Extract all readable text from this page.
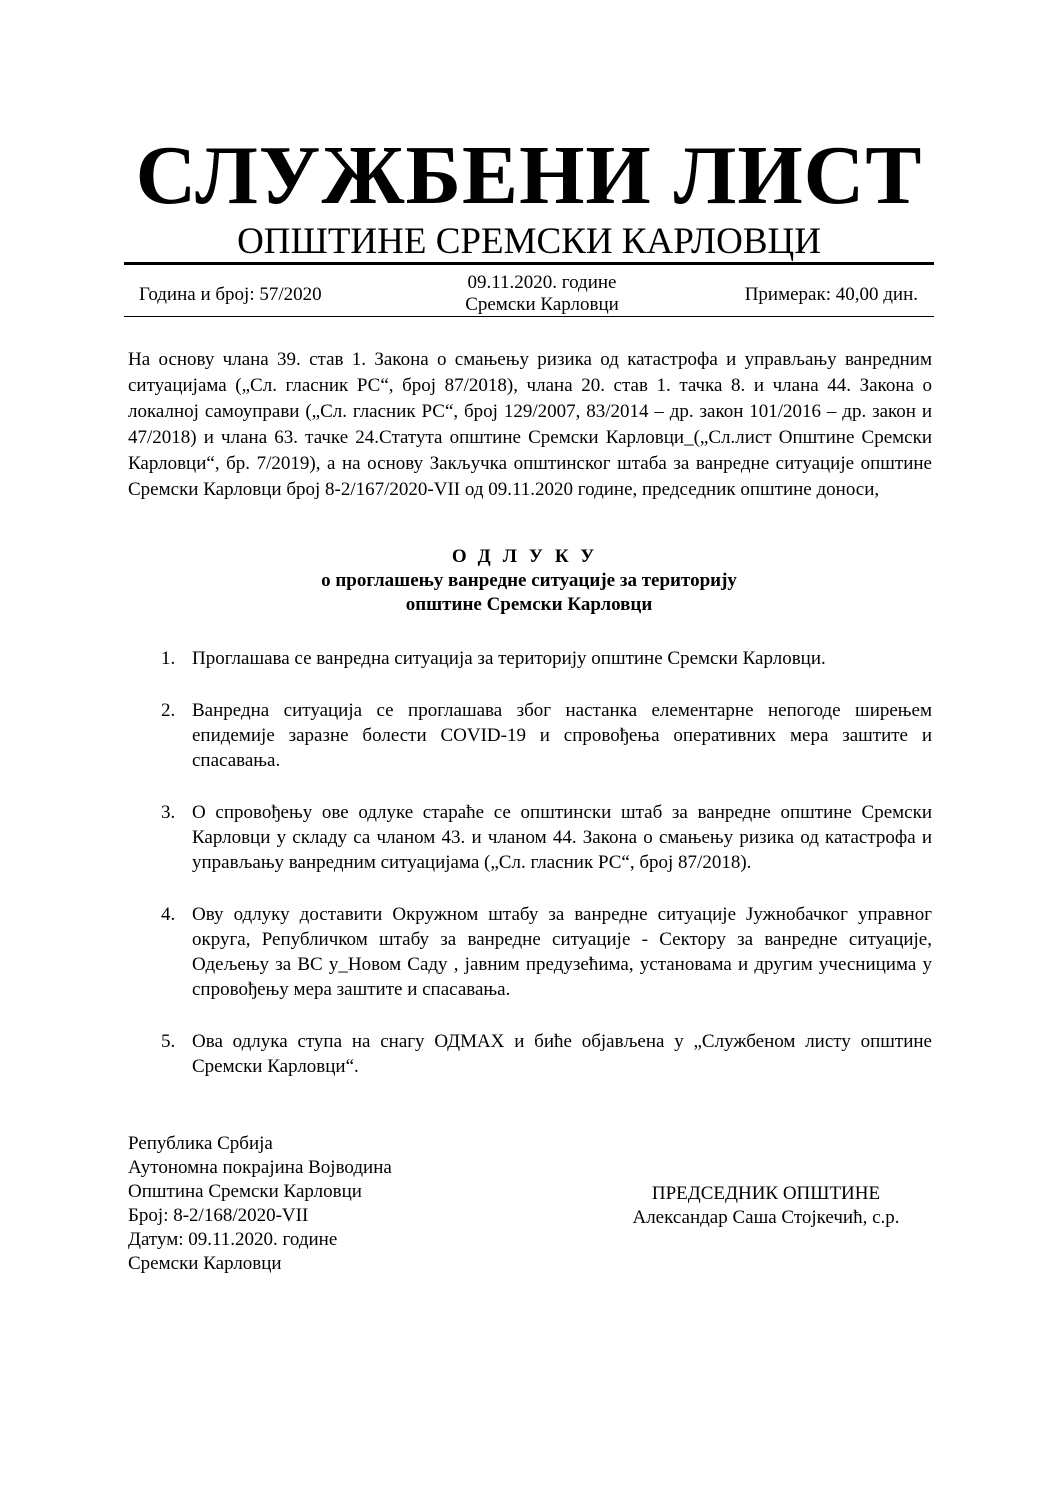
СЛУЖБЕНИ ЛИСТ
ОПШТИНЕ СРЕМСКИ КАРЛОВЦИ
Година и број: 57/2020
09.11.2020. године
Сремски Карловци	Примерак: 40,00 дин.
На основу члана 39. став 1. Закона о смањењу ризика од катастрофа и управљању ванредним ситуацијама („Сл. гласник РС“, број 87/2018), члана 20. став 1. тачка 8. и члана 44. Закона о локалној самоуправи („Сл. гласник РС“, број 129/2007, 83/2014 – др. закон 101/2016 – др. закон и 47/2018) и члана 63. тачке 24.Статута општине Сремски Карловци_(„Сл.лист Општине Сремски Карловци“, бр. 7/2019), а на основу Закључка општинског штаба за ванредне ситуације општине Сремски Карловци број 8-2/167/2020-VII од 09.11.2020 године, председник општине доноси,
ОДЛУКУ
о проглашењу ванредне ситуације за територију
општине Сремски Карловци
1. Проглашава се ванредна ситуација за територију општине Сремски Карловци.
2. Ванредна ситуација се проглашава због настанка елементарне непогоде ширењем епидемије заразне болести COVID-19 и спровођења оперативних мера заштите и спасавања.
3. О спровођењу ове одлуке стараће се општински штаб за ванредне општине Сремски Карловци у складу са чланом 43. и чланом 44. Закона о смањењу ризика од катастрофа и управљању ванредним ситуацијама („Сл. гласник РС“, број 87/2018).
4. Ову одлуку доставити Окружном штабу за ванредне ситуације Јужнобачког управног округа, Републичком штабу за ванредне ситуације - Сектору за ванредне ситуације, Одељењу за ВС у_Новом Саду , јавним предузећима, установама и другим учесницима у спровођењу мера заштите и спасавања.
5. Ова одлука ступа на снагу ОДМАХ и биће објављена у „Службеном листу општине Сремски Карловци“.
Република Србија
Аутономна покрајина Војводина
Општина Сремски Карловци
Број: 8-2/168/2020-VII
Датум: 09.11.2020. године
Сремски Карловци
ПРЕДСЕДНИК ОПШТИНЕ
Александар Саша Стојкечић, с.р.
